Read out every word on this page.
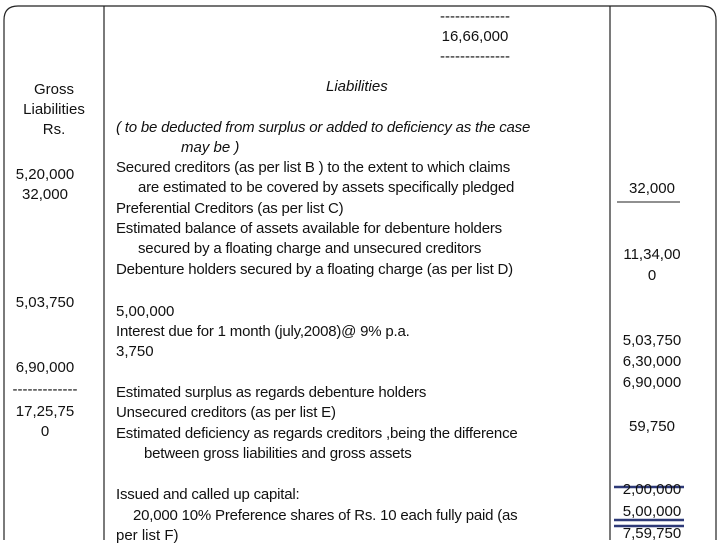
--------------
16,66,000
--------------
Gross
Liabilities
Rs.
5,20,000
32,000
5,03,750
6,90,000
-------------
17,25,75
0
Liabilities
( to be deducted from surplus or added to deficiency as the case
may be )
Secured creditors (as per list B ) to the extent to which claims
are estimated to be covered by assets specifically pledged
Preferential Creditors (as per list C)
Estimated balance of assets available for debenture holders
secured by a floating charge and unsecured creditors
Debenture holders secured by a floating charge (as per list D)
5,00,000
Interest due for 1 month (july,2008)@ 9% p.a.
3,750
Estimated surplus as regards debenture holders
Unsecured creditors (as per list E)
Estimated deficiency as regards creditors ,being the difference
between gross liabilities and gross assets
Issued and called up capital:
20,000 10% Preference shares of Rs. 10 each fully paid (as
per list F)
32,000
11,34,00
0
5,03,750
6,30,000
6,90,000
59,750
2,00,000
5,00,000
7,59,750
